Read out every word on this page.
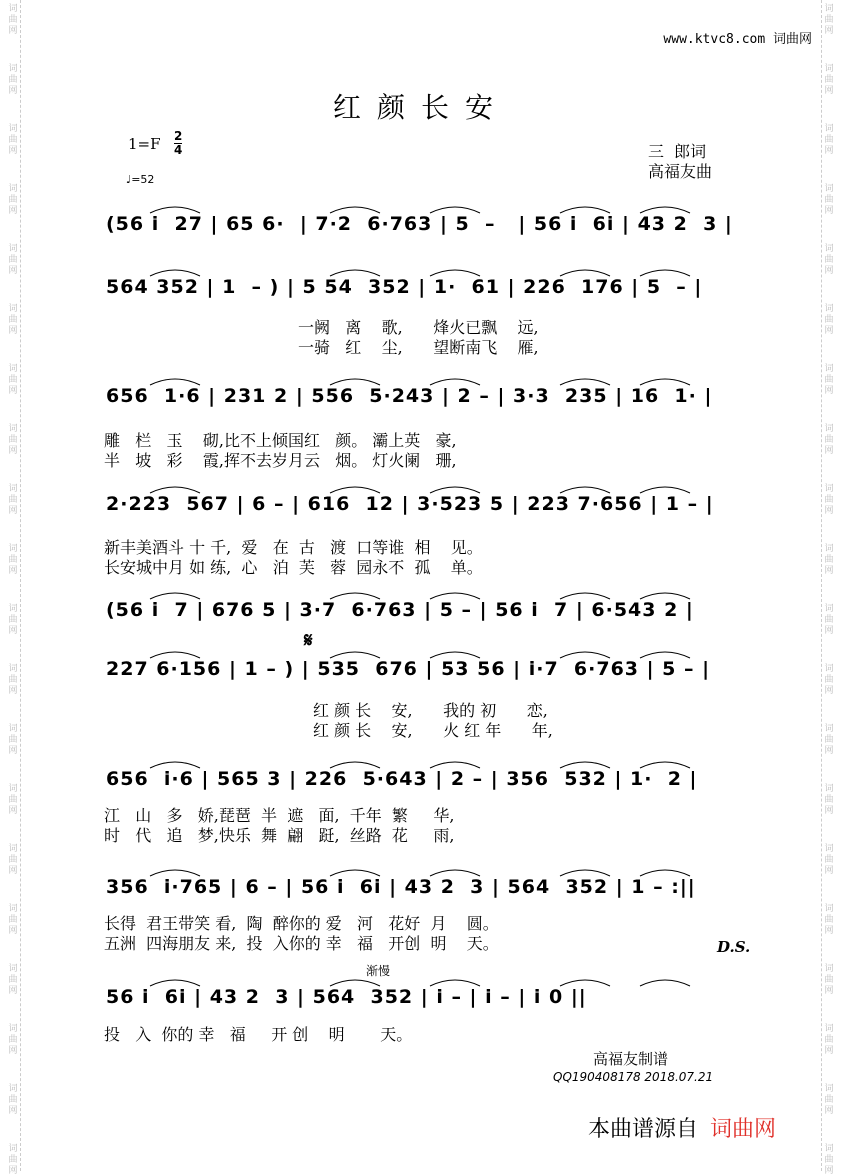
词
曲
网
词
曲
网
词
曲
网
词
曲
网
词
曲
网
词
曲
网
词
曲
网
词
曲
网
词
曲
网
词
曲
网
词
曲
网
词
曲
网
词
曲
网
词
曲
网
词
曲
网
词
曲
网
词
曲
网
词
曲
网
词
曲
网
词
曲
网
词
曲
网
词
曲
网
词
曲
网
词
曲
网
词
曲
网
词
曲
网
词
曲
网
词
曲
网
词
曲
网
词
曲
网
词
曲
网
词
曲
网
词
曲
网
词
曲
网
词
曲
网
词
曲
网
词
曲
网
词
曲
网
词
曲
网
词
曲
网
www.ktvc8.com 词曲网
红颜长安
1=F 2
4
♩=52
三  郎词
高福友曲
(56 i  27 | 65 6·  | 7·2  6·763 | 5  –   | 56 i  6i | 43 2  3 |
564 352 | 1  – ) | 5 54  352 | 1·  61 | 226  176 | 5  – |
656  1·6 | 231 2 | 556  5·243 | 2 – | 3·3  235 | 16  1· |
2·223  567 | 6 – | 616  12 | 3·523 5 | 223 7·656 | 1 – |
(56 i  7 | 676 5 | 3·7  6·763 | 5 – | 56 i  7 | 6·543 2 |
227 6·156 | 1 – ) | 535  676 | 53 56 | i·7  6·763 | 5 – |
656  i·6 | 565 3 | 226  5·643 | 2 – | 356  532 | 1·  2 |
356  i·765 | 6 – | 56 i  6i | 43 2  3 | 564  352 | 1 – :||
56 i  6i | 43 2  3 | 564  352 | i – | i – | i 0 ||
一阙   离    歌,      烽火已飘    远,
一骑   红    尘,      望断南飞    雁,
雕   栏   玉    砌,比不上倾国红   颜。 灞上英   豪,
半   坡   彩    霞,挥不去岁月云   烟。 灯火阑   珊,
新丰美酒斗 十 千,  爱   在  古   渡  口等谁  相    见。
长安城中月 如 练,  心   泊  芙   蓉  园永不  孤    单。
红 颜 长    安,      我的 初      恋,
红 颜 长    安,      火 红 年      年,
江   山   多   娇,琵琶  半  遮   面,  千年  繁     华,
时   代   追   梦,快乐  舞  翩   跹,  丝路  花     雨,
长得  君王带笑 看,  陶  醉你的 爱   河   花好  月    圆。
五洲  四海朋友 来,  投  入你的 幸   福   开创  明    天。
投   入  你的 幸   福     开 创    明       天。
𝄋
渐慢
D.S.
高福友制谱
QQ190408178 2018.07.21
本曲谱源自 词曲网
